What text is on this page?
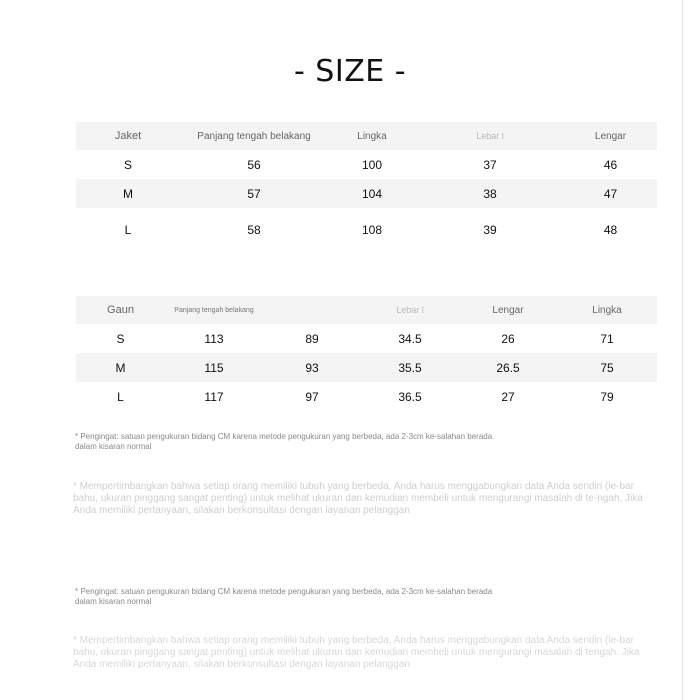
- SIZE -
Jaket	Panjang tengah belakang	Lingka	Lebar l	Lengar
S	56	100	37	46
M	57	104	38	47
L	58	108	39	48
Gaun	Panjang tengah belakang		Lebar l	Lengar	Lingka
S	113	89	34.5	26	71
M	115	93	35.5	26.5	75
L	117	97	36.5	27	79
* Pengingat: satuan pengukuran bidang CM karena metode pengukuran yang berbeda, ada 2-3cm ke-salahan berada dalam kisaran normal
* Mempertimbangkan bahwa setiap orang memiliki tubuh yang berbeda, Anda harus menggabungkan data Anda sendiri (le-bar bahu, ukuran pinggang sangat penting) untuk melihat ukuran dan kemudian membeli untuk mengurangi masalah di te-ngah. Jika Anda memiliki pertanyaan, silakan berkonsultasi dengan layanan pelanggan
* Pengingat: satuan pengukuran bidang CM karena metode pengukuran yang berbeda, ada 2-3cm ke-salahan berada dalam kisaran normal
* Mempertimbangkan bahwa setiap orang memiliki tubuh yang berbeda, Anda harus menggabungkan data Anda sendiri (le-bar bahu, ukuran pinggang sangat penting) untuk melihat ukuran dan kemudian membeli untuk mengurangi masalah di tengah. Jika Anda memiliki pertanyaan, silakan berkonsultasi dengan layanan pelanggan
